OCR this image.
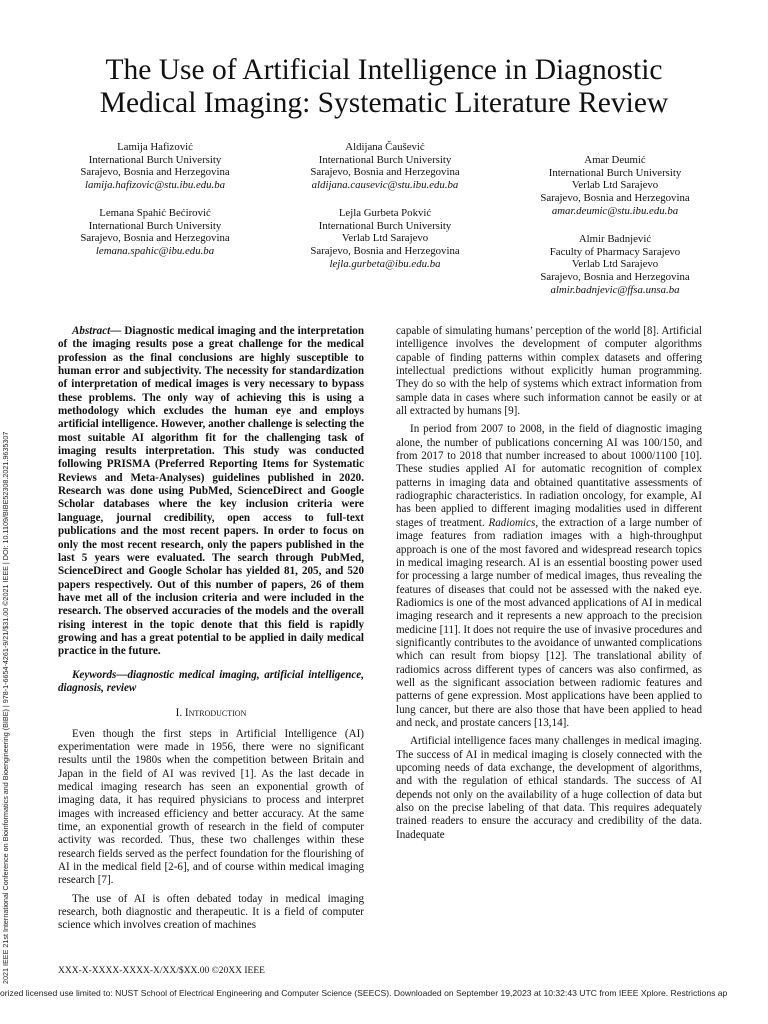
The Use of Artificial Intelligence in Diagnostic
Medical Imaging: Systematic Literature Review
Lamija Hafizović
International Burch University
Sarajevo, Bosnia and Herzegovina
lamija.hafizovic@stu.ibu.edu.ba
Aldijana Čaušević
International Burch University
Sarajevo, Bosnia and Herzegovina
aldijana.causevic@stu.ibu.edu.ba
Amar Deumić
International Burch University
Verlab Ltd Sarajevo
Sarajevo, Bosnia and Herzegovina
amar.deumic@stu.ibu.edu.ba
Lemana Spahić Bećirović
International Burch University
Sarajevo, Bosnia and Herzegovina
lemana.spahic@ibu.edu.ba
Lejla Gurbeta Pokvić
International Burch University
Verlab Ltd Sarajevo
Sarajevo, Bosnia and Herzegovina
lejla.gurbeta@ibu.edu.ba
Almir Badnjević
Faculty of Pharmacy Sarajevo
Verlab Ltd Sarajevo
Sarajevo, Bosnia and Herzegovina
almir.badnjevic@ffsa.unsa.ba
2021 IEEE 21st International Conference on Bioinformatics and Bioengineering (BIBE) | 978-1-6654-4261-9/21/$31.00 ©2021 IEEE | DOI: 10.1109/BIBE52308.2021.9635307

Abstract— Diagnostic medical imaging and the interpretation of the imaging results pose a great challenge for the medical profession as the final conclusions are highly susceptible to human error and subjectivity. The necessity for standardization of interpretation of medical images is very necessary to bypass these problems. The only way of achieving this is using a methodology which excludes the human eye and employs artificial intelligence. However, another challenge is selecting the most suitable AI algorithm fit for the challenging task of imaging results interpretation. This study was conducted following PRISMA (Preferred Reporting Items for Systematic Reviews and Meta-Analyses) guidelines published in 2020. Research was done using PubMed, ScienceDirect and Google Scholar databases where the key inclusion criteria were language, journal credibility, open access to full-text publications and the most recent papers. In order to focus on only the most recent research, only the papers published in the last 5 years were evaluated. The search through PubMed, ScienceDirect and Google Scholar has yielded 81, 205, and 520 papers respectively. Out of this number of papers, 26 of them have met all of the inclusion criteria and were included in the research. The observed accuracies of the models and the overall rising interest in the topic denote that this field is rapidly growing and has a great potential to be applied in daily medical practice in the future.

Keywords—diagnostic medical imaging, artificial intelligence, diagnosis, review

I. Introduction

Even though the first steps in Artificial Intelligence (AI) experimentation were made in 1956, there were no significant results until the 1980s when the competition between Britain and Japan in the field of AI was revived [1]. As the last decade in medical imaging research has seen an exponential growth of imaging data, it has required physicians to process and interpret images with increased efficiency and better accuracy. At the same time, an exponential growth of research in the field of computer activity was recorded. Thus, these two challenges within these research fields served as the perfect foundation for the flourishing of AI in the medical field [2-6], and of course within medical imaging research [7].

The use of AI is often debated today in medical imaging research, both diagnostic and therapeutic. It is a field of computer science which involves creation of machines

capable of simulating humans’ perception of the world [8]. Artificial intelligence involves the development of computer algorithms capable of finding patterns within complex datasets and offering intellectual predictions without explicitly human programming. They do so with the help of systems which extract information from sample data in cases where such information cannot be easily or at all extracted by humans [9].

In period from 2007 to 2008, in the field of diagnostic imaging alone, the number of publications concerning AI was 100/150, and from 2017 to 2018 that number increased to about 1000/1100 [10]. These studies applied AI for automatic recognition of complex patterns in imaging data and obtained quantitative assessments of radiographic characteristics. In radiation oncology, for example, AI has been applied to different imaging modalities used in different stages of treatment. Radiomics, the extraction of a large number of image features from radiation images with a high-throughput approach is one of the most favored and widespread research topics in medical imaging research. AI is an essential boosting power used for processing a large number of medical images, thus revealing the features of diseases that could not be assessed with the naked eye. Radiomics is one of the most advanced applications of AI in medical imaging research and it represents a new approach to the precision medicine [11]. It does not require the use of invasive procedures and significantly contributes to the avoidance of unwanted complications which can result from biopsy [12]. The translational ability of radiomics across different types of cancers was also confirmed, as well as the significant association between radiomic features and patterns of gene expression. Most applications have been applied to lung cancer, but there are also those that have been applied to head and neck, and prostate cancers [13,14].

Artificial intelligence faces many challenges in medical imaging. The success of AI in medical imaging is closely connected with the upcoming needs of data exchange, the development of algorithms, and with the regulation of ethical standards. The success of AI depends not only on the availability of a huge collection of data but also on the precise labeling of that data. This requires adequately trained readers to ensure the accuracy and credibility of the data. Inadequate

XXX-X-XXXX-XXXX-X/XX/$XX.00 ©20XX IEEE
orized licensed use limited to: NUST School of Electrical Engineering and Computer Science (SEECS). Downloaded on September 19,2023 at 10:32:43 UTC from IEEE Xplore. Restrictions ap
